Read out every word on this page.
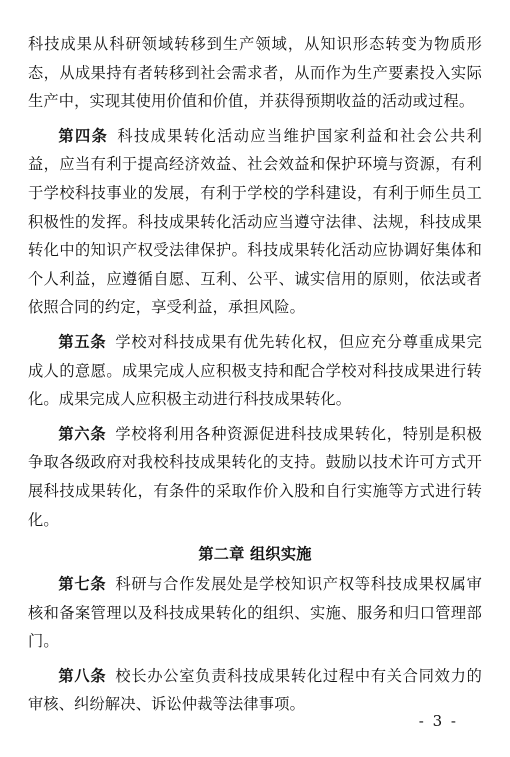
科技成果从科研领域转移到生产领域，从知识形态转变为物质形态，从成果持有者转移到社会需求者，从而作为生产要素投入实际生产中，实现其使用价值和价值，并获得预期收益的活动或过程。

第四条 科技成果转化活动应当维护国家利益和社会公共利益，应当有利于提高经济效益、社会效益和保护环境与资源，有利于学校科技事业的发展，有利于学校的学科建设，有利于师生员工积极性的发挥。科技成果转化活动应当遵守法律、法规，科技成果转化中的知识产权受法律保护。科技成果转化活动应协调好集体和个人利益，应遵循自愿、互利、公平、诚实信用的原则，依法或者依照合同的约定，享受利益，承担风险。

第五条 学校对科技成果有优先转化权，但应充分尊重成果完成人的意愿。成果完成人应积极支持和配合学校对科技成果进行转化。成果完成人应积极主动进行科技成果转化。

第六条 学校将利用各种资源促进科技成果转化，特别是积极争取各级政府对我校科技成果转化的支持。鼓励以技术许可方式开展科技成果转化，有条件的采取作价入股和自行实施等方式进行转化。

第二章 组织实施

第七条 科研与合作发展处是学校知识产权等科技成果权属审核和备案管理以及科技成果转化的组织、实施、服务和归口管理部门。

第八条 校长办公室负责科技成果转化过程中有关合同效力的审核、纠纷解决、诉讼仲裁等法律事项。

- 3 -
